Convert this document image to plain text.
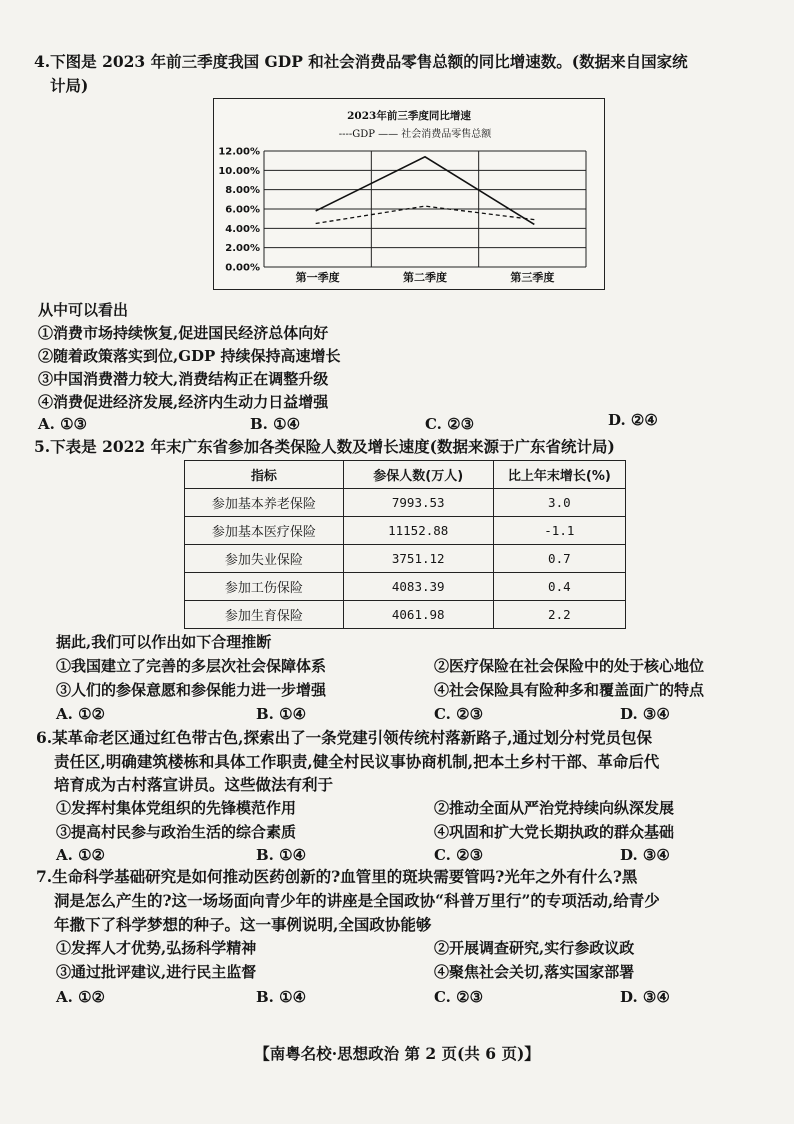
4.下图是 2023 年前三季度我国 GDP 和社会消费品零售总额的同比增速数。(数据来自国家统
计局)
2023年前三季度同比增速
----GDP —— 社会消费品零售总额
12.00%
10.00%
8.00%
6.00%
4.00%
2.00%
0.00%
第一季度	第二季度	第三季度
从中可以看出
①消费市场持续恢复,促进国民经济总体向好
②随着政策落实到位,GDP 持续保持高速增长
③中国消费潜力较大,消费结构正在调整升级
④消费促进经济发展,经济内生动力日益增强
A. ①③	B. ①④	C. ②③	D. ②④
5.下表是 2022 年末广东省参加各类保险人数及增长速度(数据来源于广东省统计局)
指标	参保人数(万人)	比上年末增长(%)
参加基本养老保险	7993.53	3.0
参加基本医疗保险	11152.88	-1.1
参加失业保险	3751.12	0.7
参加工伤保险	4083.39	0.4
参加生育保险	4061.98	2.2
据此,我们可以作出如下合理推断
①我国建立了完善的多层次社会保障体系	②医疗保险在社会保险中的处于核心地位
③人们的参保意愿和参保能力进一步增强	④社会保险具有险种多和覆盖面广的特点
A. ①②	B. ①④	C. ②③	D. ③④
6.某革命老区通过红色带古色,探索出了一条党建引领传统村落新路子,通过划分村党员包保
责任区,明确建筑楼栋和具体工作职责,健全村民议事协商机制,把本土乡村干部、革命后代
培育成为古村落宣讲员。这些做法有利于
①发挥村集体党组织的先锋模范作用	②推动全面从严治党持续向纵深发展
③提高村民参与政治生活的综合素质	④巩固和扩大党长期执政的群众基础
A. ①②	B. ①④	C. ②③	D. ③④
7.生命科学基础研究是如何推动医药创新的?血管里的斑块需要管吗?光年之外有什么?黑
洞是怎么产生的?这一场场面向青少年的讲座是全国政协“科普万里行”的专项活动,给青少
年撒下了科学梦想的种子。这一事例说明,全国政协能够
①发挥人才优势,弘扬科学精神	②开展调查研究,实行参政议政
③通过批评建议,进行民主监督	④聚焦社会关切,落实国家部署
A. ①②	B. ①④	C. ②③	D. ③④
【南粤名校·思想政治 第 2 页(共 6 页)】
